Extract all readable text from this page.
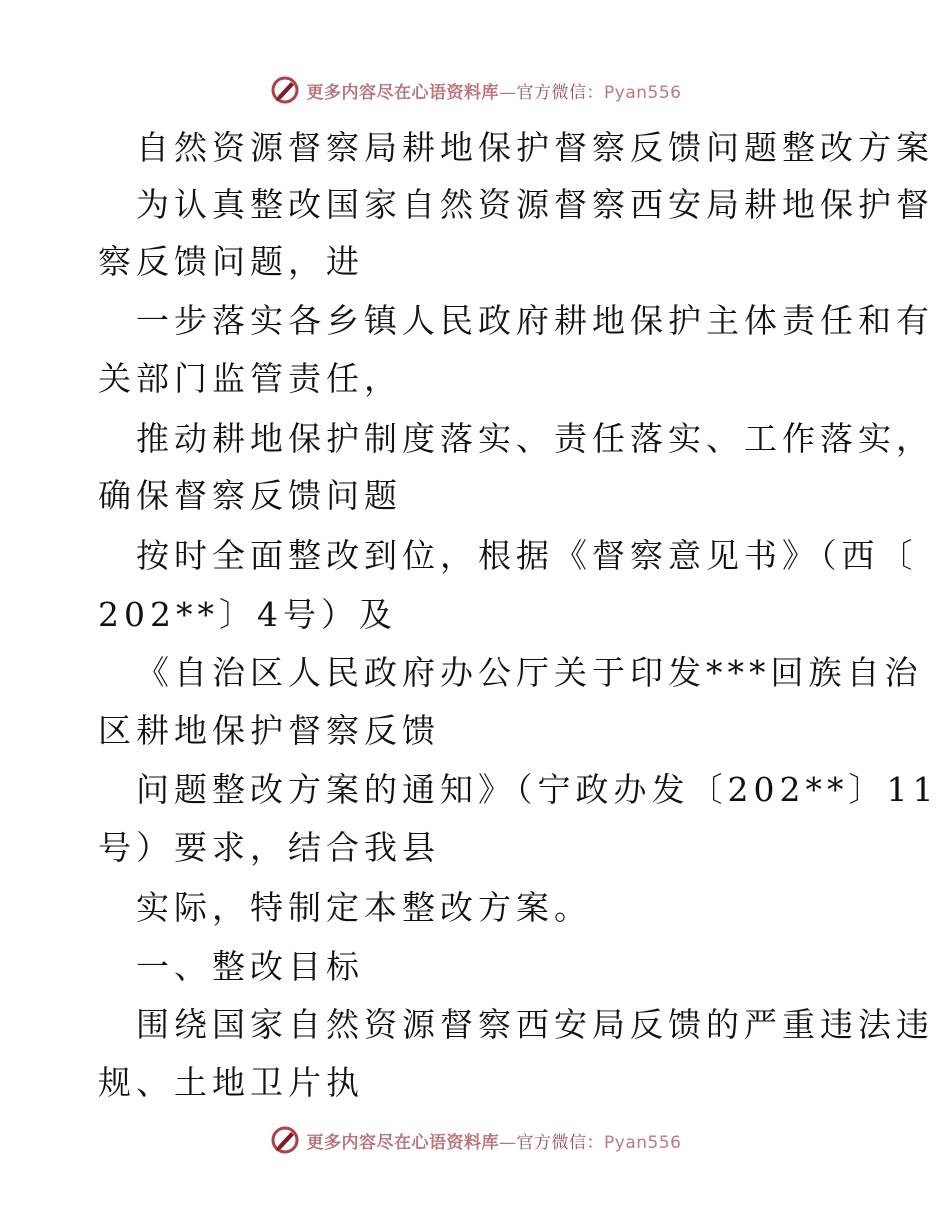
更多内容尽在心语资料库—官方微信：Pyan556
自然资源督察局耕地保护督察反馈问题整改方案
为认真整改国家自然资源督察西安局耕地保护督
察反馈问题，进
一步落实各乡镇人民政府耕地保护主体责任和有
关部门监管责任，
推动耕地保护制度落实、责任落实、工作落实，
确保督察反馈问题
按时全面整改到位，根据《督察意见书》（西〔
202**〕4号）及
《自治区人民政府办公厅关于印发***回族自治
区耕地保护督察反馈
问题整改方案的通知》（宁政办发〔202**〕11
号）要求，结合我县
实际，特制定本整改方案。
一、整改目标
围绕国家自然资源督察西安局反馈的严重违法违
规、土地卫片执
更多内容尽在心语资料库—官方微信：Pyan556
